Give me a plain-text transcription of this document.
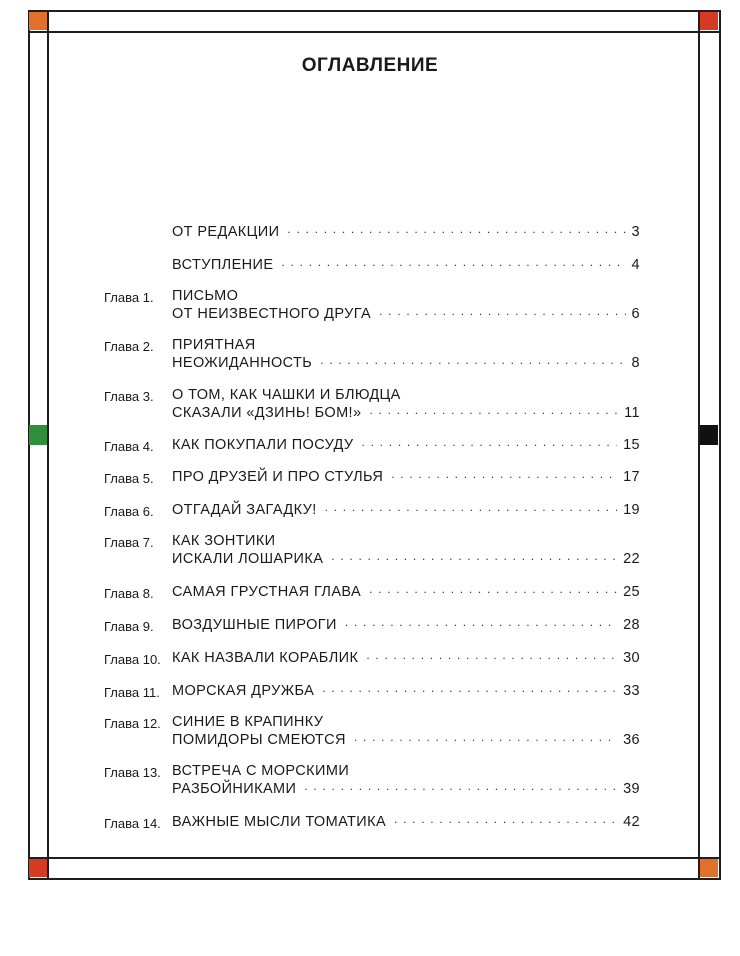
ОГЛАВЛЕНИЕ
ОТ РЕДАКЦИИ . . .	3
ВСТУПЛЕНИЕ . . .	4
Глава 1. ПИСЬМО
ОТ НЕИЗВЕСТНОГО ДРУГА . . .	6
Глава 2. ПРИЯТНАЯ
НЕОЖИДАННОСТЬ . . .	8
Глава 3. О ТОМ, КАК ЧАШКИ И БЛЮДЦА
СКАЗАЛИ «ДЗИНЬ! БОМ!» . . .	11
Глава 4. КАК ПОКУПАЛИ ПОСУДУ . . .	15
Глава 5. ПРО ДРУЗЕЙ И ПРО СТУЛЬЯ . . .	17
Глава 6. ОТГАДАЙ ЗАГАДКУ! . . .	19
Глава 7. КАК ЗОНТИКИ
ИСКАЛИ ЛОШАРИКА . . .	22
Глава 8. САМАЯ ГРУСТНАЯ ГЛАВА . . .	25
Глава 9. ВОЗДУШНЫЕ ПИРОГИ . . .	28
Глава 10. КАК НАЗВАЛИ КОРАБЛИК . . .	30
Глава 11. МОРСКАЯ ДРУЖБА . . .	33
Глава 12. СИНИЕ В КРАПИНКУ
ПОМИДОРЫ СМЕЮТСЯ . . .	36
Глава 13. ВСТРЕЧА С МОРСКИМИ
РАЗБОЙНИКАМИ . . .	39
Глава 14. ВАЖНЫЕ МЫСЛИ ТОМАТИКА . . .	42
